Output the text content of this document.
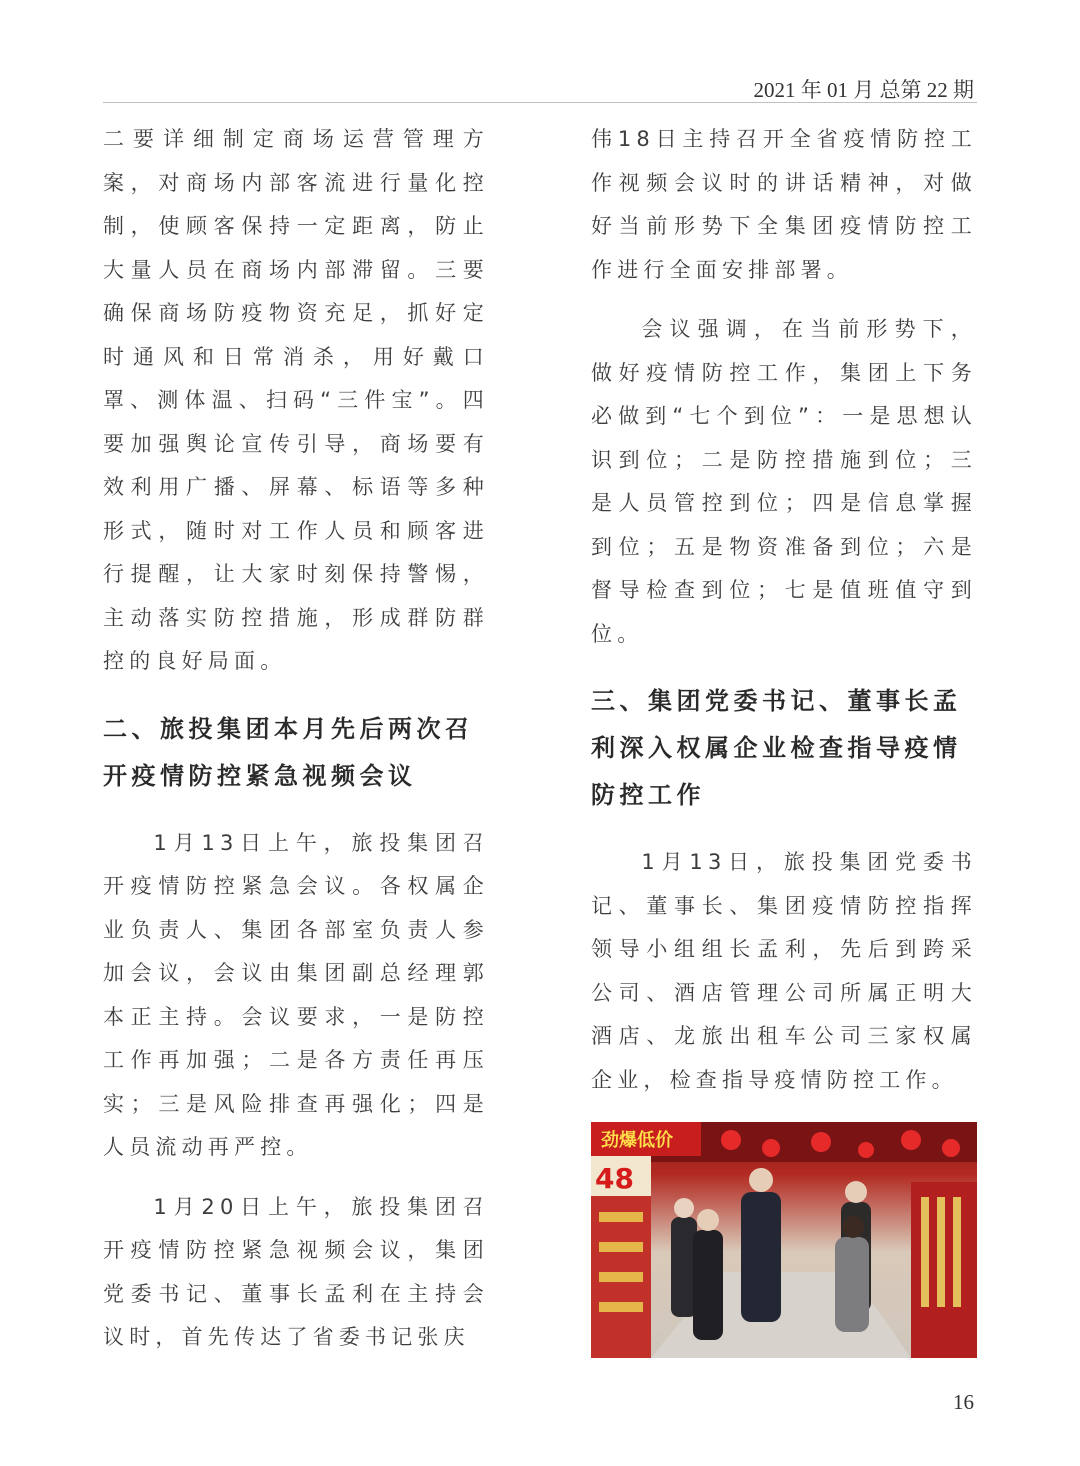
2021 年 01 月 总第 22 期

二要详细制定商场运营管理方案，对商场内部客流进行量化控制，使顾客保持一定距离，防止大量人员在商场内部滞留。三要确保商场防疫物资充足，抓好定时通风和日常消杀，用好戴口罩、测体温、扫码“三件宝”。四要加强舆论宣传引导，商场要有效利用广播、屏幕、标语等多种形式，随时对工作人员和顾客进行提醒，让大家时刻保持警惕，主动落实防控措施，形成群防群控的良好局面。

二、旅投集团本月先后两次召开疫情防控紧急视频会议

1月13日上午，旅投集团召开疫情防控紧急会议。各权属企业负责人、集团各部室负责人参加会议，会议由集团副总经理郭本正主持。会议要求，一是防控工作再加强；二是各方责任再压实；三是风险排查再强化；四是人员流动再严控。

1月20日上午，旅投集团召开疫情防控紧急视频会议，集团党委书记、董事长孟利在主持会议时，首先传达了省委书记张庆

伟18日主持召开全省疫情防控工作视频会议时的讲话精神，对做好当前形势下全集团疫情防控工作进行全面安排部署。

会议强调，在当前形势下，做好疫情防控工作，集团上下务必做到“七个到位”：一是思想认识到位；二是防控措施到位；三是人员管控到位；四是信息掌握到位；五是物资准备到位；六是督导检查到位；七是值班值守到位。

三、集团党委书记、董事长孟利深入权属企业检查指导疫情防控工作

1月13日，旅投集团党委书记、董事长、集团疫情防控指挥领导小组组长孟利，先后到跨采公司、酒店管理公司所属正明大酒店、龙旅出租车公司三家权属企业，检查指导疫情防控工作。

劲爆低价
48
16
